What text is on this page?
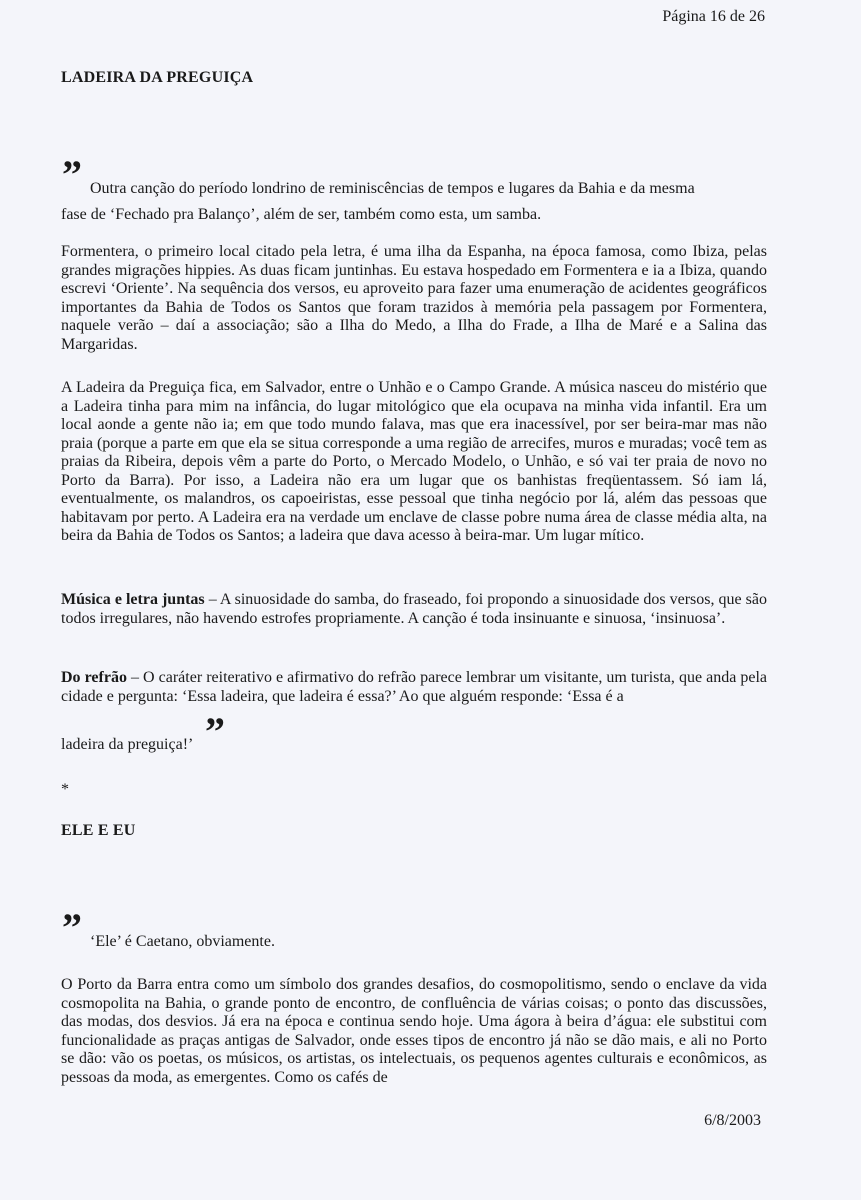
Página 16 de 26
LADEIRA DA PREGUIÇA
” Outra canção do período londrino de reminiscências de tempos e lugares da Bahia e da mesma
fase de ‘Fechado pra Balanço’, além de ser, também como esta, um samba.
Formentera, o primeiro local citado pela letra, é uma ilha da Espanha, na época famosa, como Ibiza, pelas grandes migrações hippies. As duas ficam juntinhas. Eu estava hospedado em Formentera e ia a Ibiza, quando escrevi ‘Oriente’. Na sequência dos versos, eu aproveito para fazer uma enumeração de acidentes geográficos importantes da Bahia de Todos os Santos que foram trazidos à memória pela passagem por Formentera, naquele verão – daí a associação; são a Ilha do Medo, a Ilha do Frade, a Ilha de Maré e a Salina das Margaridas.
A Ladeira da Preguiça fica, em Salvador, entre o Unhão e o Campo Grande. A música nasceu do mistério que a Ladeira tinha para mim na infância, do lugar mitológico que ela ocupava na minha vida infantil. Era um local aonde a gente não ia; em que todo mundo falava, mas que era inacessível, por ser beira-mar mas não praia (porque a parte em que ela se situa corresponde a uma região de arrecifes, muros e muradas; você tem as praias da Ribeira, depois vêm a parte do Porto, o Mercado Modelo, o Unhão, e só vai ter praia de novo no Porto da Barra). Por isso, a Ladeira não era um lugar que os banhistas freqüentassem. Só iam lá, eventualmente, os malandros, os capoeiristas, esse pessoal que tinha negócio por lá, além das pessoas que habitavam por perto. A Ladeira era na verdade um enclave de classe pobre numa área de classe média alta, na beira da Bahia de Todos os Santos; a ladeira que dava acesso à beira-mar. Um lugar mítico.
Música e letra juntas – A sinuosidade do samba, do fraseado, foi propondo a sinuosidade dos versos, que são todos irregulares, não havendo estrofes propriamente. A canção é toda insinuante e sinuosa, ‘insinuosa’.
Do refrão – O caráter reiterativo e afirmativo do refrão parece lembrar um visitante, um turista, que anda pela cidade e pergunta: ‘Essa ladeira, que ladeira é essa?’ Ao que alguém responde: ‘Essa é a
”
ladeira da preguiça!’
*
ELE E EU
” ‘Ele’ é Caetano, obviamente.
O Porto da Barra entra como um símbolo dos grandes desafios, do cosmopolitismo, sendo o enclave da vida cosmopolita na Bahia, o grande ponto de encontro, de confluência de várias coisas; o ponto das discussões, das modas, dos desvios. Já era na época e continua sendo hoje. Uma ágora à beira d’água: ele substitui com funcionalidade as praças antigas de Salvador, onde esses tipos de encontro já não se dão mais, e ali no Porto se dão: vão os poetas, os músicos, os artistas, os intelectuais, os pequenos agentes culturais e econômicos, as pessoas da moda, as emergentes. Como os cafés de
6/8/2003
